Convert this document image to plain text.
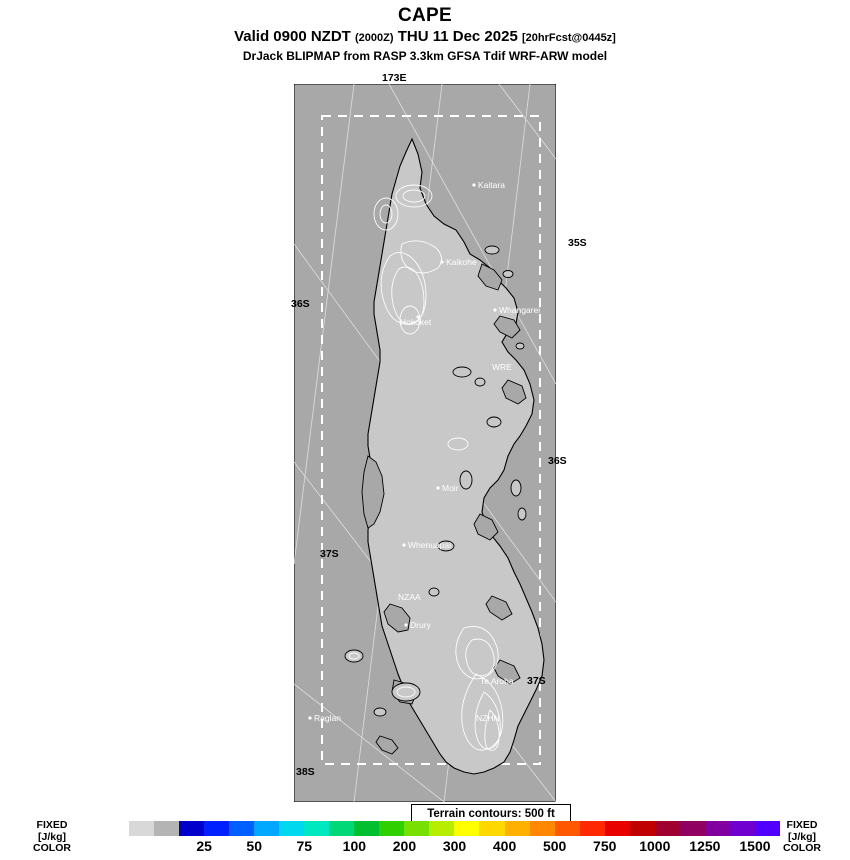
CAPE
Valid 0900 NZDT (2000Z) THU 11 Dec 2025 [20hrFcst@0445z]
DrJack BLIPMAP from RASP 3.3km GFSA Tdif WRF-ARW model
Kaitara
Kaikohe
Hokoket
Whangarei
WRE
Moir
Whenuapai
NZAA
Drury
Te Aroha
NZHN
Raglan
173E
35S
36S
36S
37S
37S
38S
Terrain contours: 500 ft
FIXED
[J/kg]
COLOR	25 50 75 100 200 300 400 500 750 1000 1250 1500
FIXED
[J/kg]
COLOR
